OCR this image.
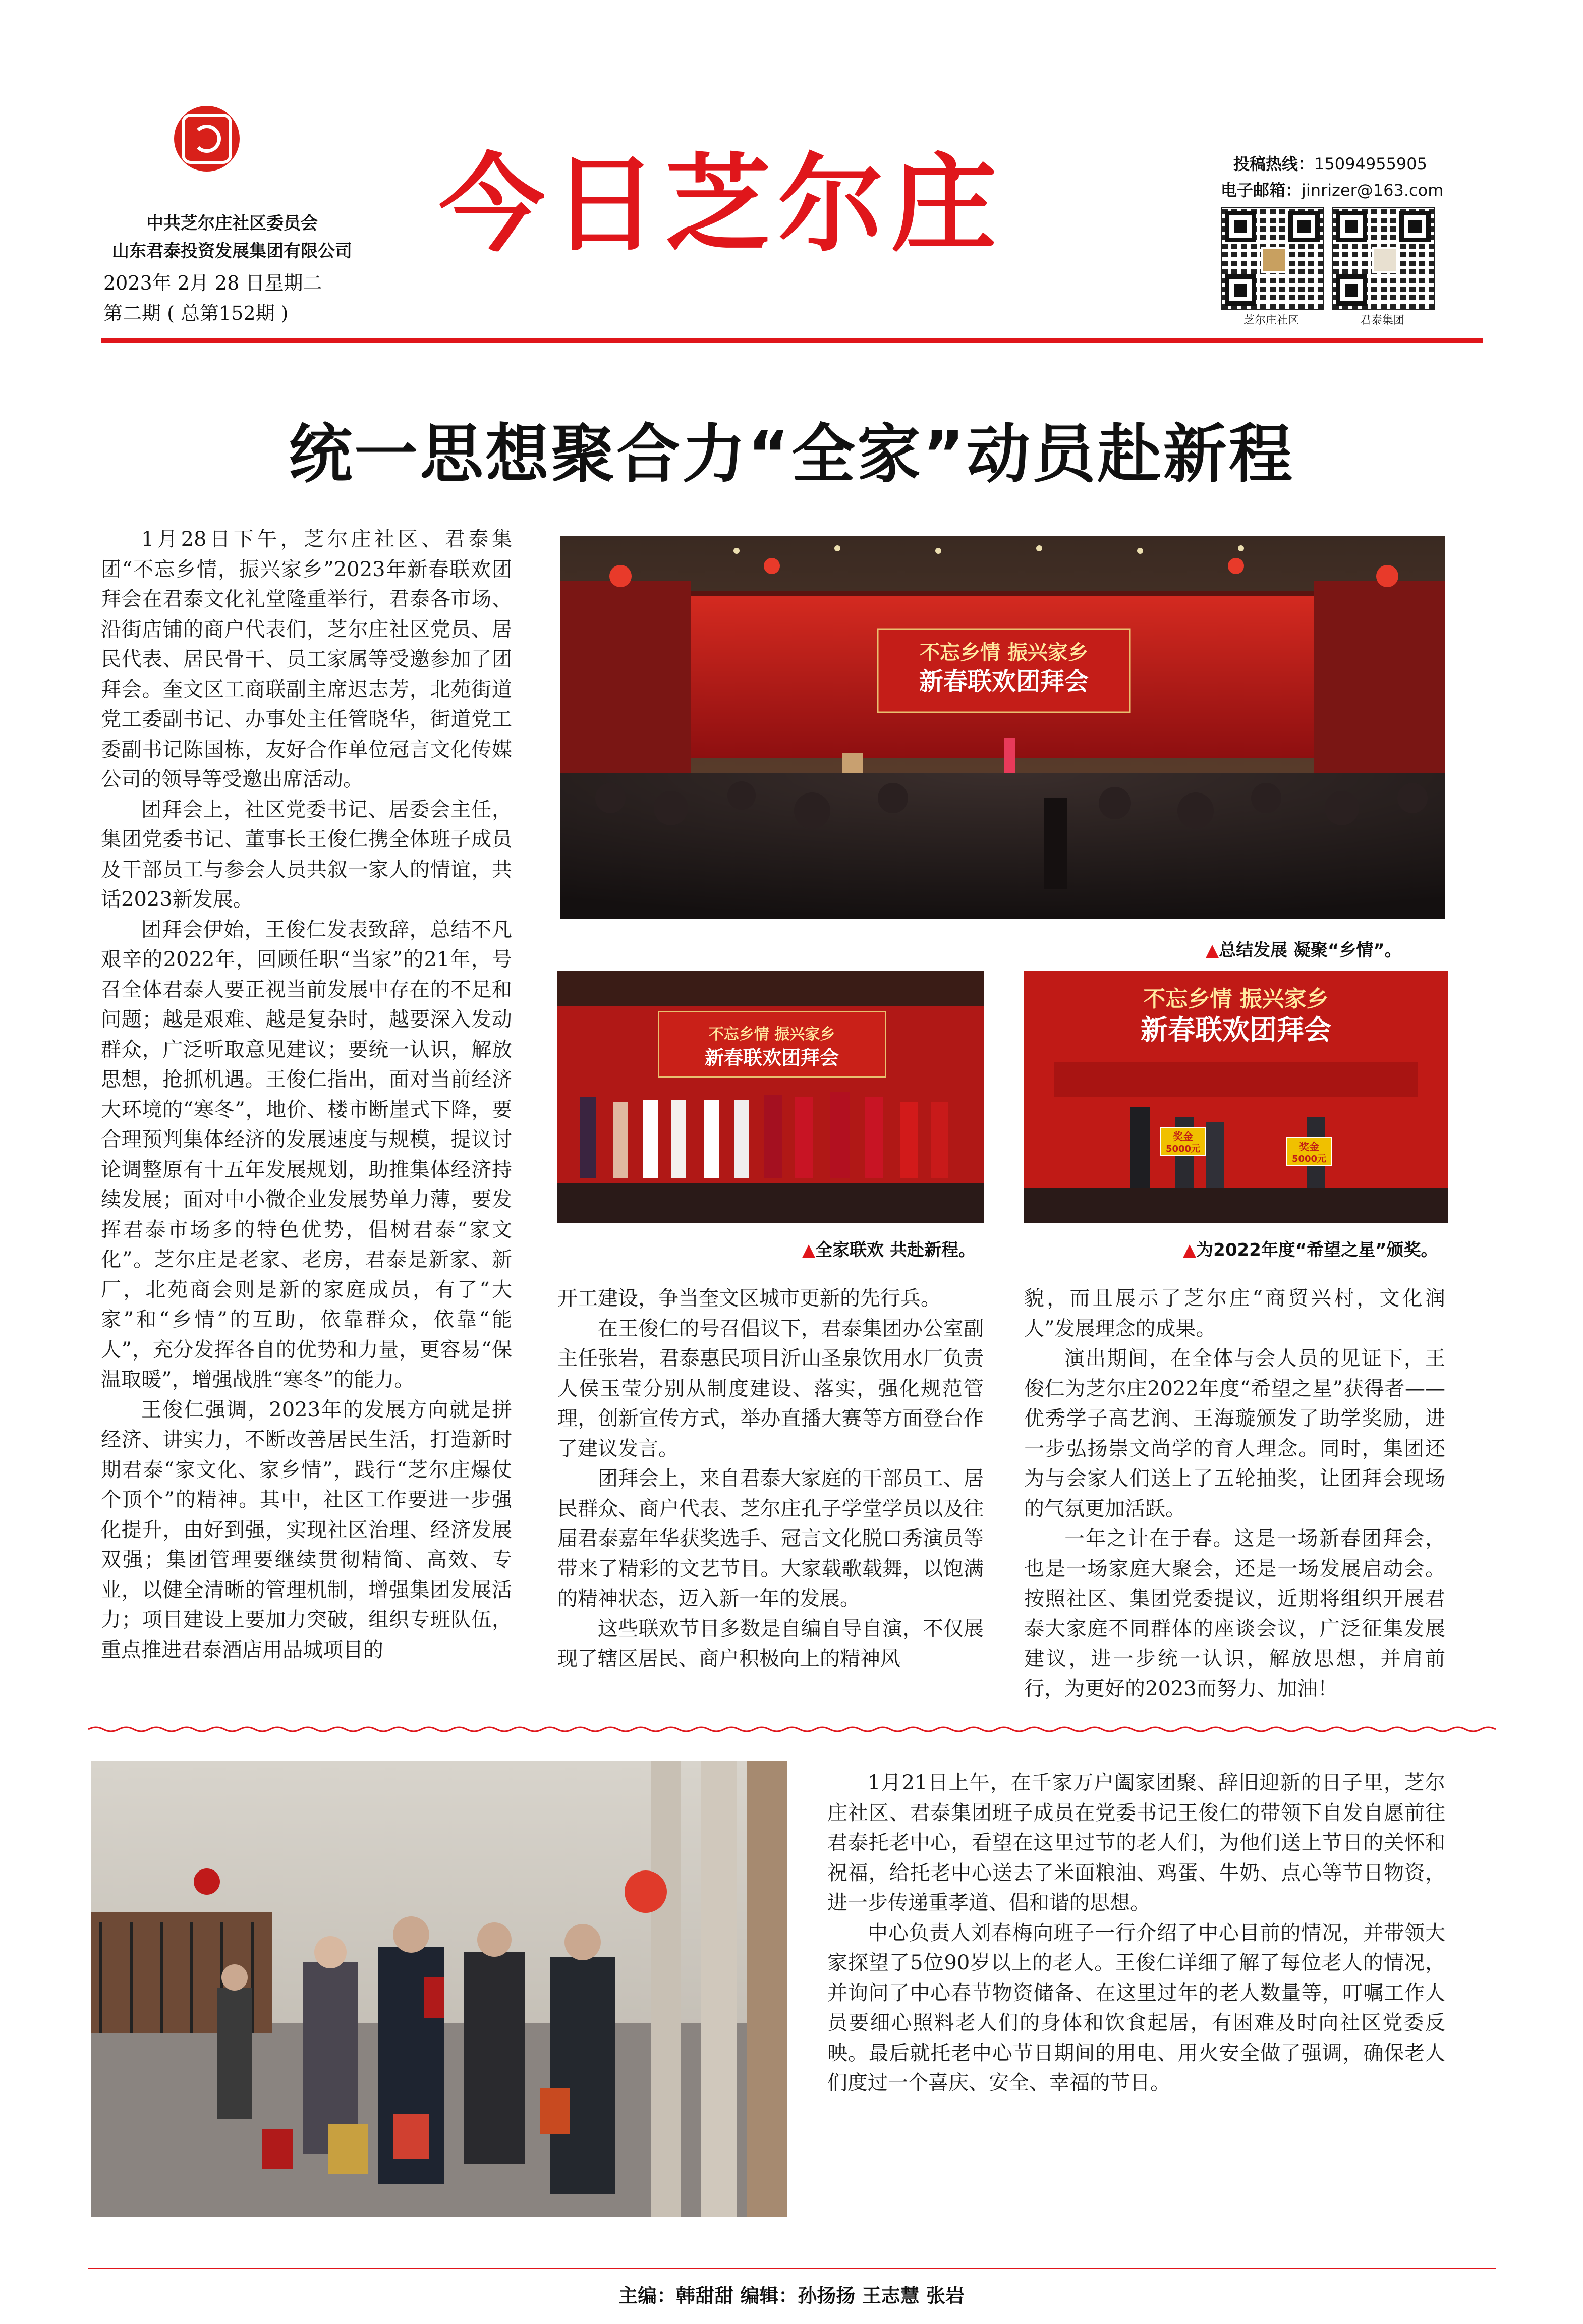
中共芝尔庄社区委员会
山东君泰投资发展集团有限公司
2023年 2月 28 日星期二
第二期 ( 总第152期 )
今日芝尔庄	投稿热线：15094955905
电子邮箱：jinrizer@163.com
芝尔庄社区	君泰集团
统一思想聚合力“全家”动员赴新程

1月28日下午，芝尔庄社区、君泰集团“不忘乡情，振兴家乡”2023年新春联欢团拜会在君泰文化礼堂隆重举行，君泰各市场、沿街店铺的商户代表们，芝尔庄社区党员、居民代表、居民骨干、员工家属等受邀参加了团拜会。奎文区工商联副主席迟志芳，北苑街道党工委副书记、办事处主任管晓华，街道党工委副书记陈国栋，友好合作单位冠言文化传媒公司的领导等受邀出席活动。

团拜会上，社区党委书记、居委会主任，集团党委书记、董事长王俊仁携全体班子成员及干部员工与参会人员共叙一家人的情谊，共话2023新发展。

团拜会伊始，王俊仁发表致辞，总结不凡艰辛的2022年，回顾任职“当家”的21年，号召全体君泰人要正视当前发展中存在的不足和问题；越是艰难、越是复杂时，越要深入发动群众，广泛听取意见建议；要统一认识，解放思想，抢抓机遇。王俊仁指出，面对当前经济大环境的“寒冬”，地价、楼市断崖式下降，要合理预判集体经济的发展速度与规模，提议讨论调整原有十五年发展规划，助推集体经济持续发展；面对中小微企业发展势单力薄，要发挥君泰市场多的特色优势，倡树君泰“家文化”。芝尔庄是老家、老房，君泰是新家、新厂，北苑商会则是新的家庭成员，有了“大家”和“乡情”的互助，依靠群众，依靠“能人”，充分发挥各自的优势和力量，更容易“保温取暖”，增强战胜“寒冬”的能力。

王俊仁强调，2023年的发展方向就是拼经济、讲实力，不断改善居民生活，打造新时期君泰“家文化、家乡情”，践行“芝尔庄爆仗个顶个”的精神。其中，社区工作要进一步强化提升，由好到强，实现社区治理、经济发展双强；集团管理要继续贯彻精简、高效、专业，以健全清晰的管理机制，增强集团发展活力；项目建设上要加力突破，组织专班队伍，重点推进君泰酒店用品城项目的

不忘乡情 振兴家乡
新春联欢团拜会
▲总结发展 凝聚“乡情”。
不忘乡情 振兴家乡
新春联欢团拜会
▲全家联欢 共赴新程。
不忘乡情 振兴家乡
新春联欢团拜会
奖金
5000元	奖金
5000元
▲为2022年度“希望之星”颁奖。

开工建设，争当奎文区城市更新的先行兵。

在王俊仁的号召倡议下，君泰集团办公室副主任张岩，君泰惠民项目沂山圣泉饮用水厂负责人侯玉莹分别从制度建设、落实，强化规范管理，创新宣传方式，举办直播大赛等方面登台作了建议发言。

团拜会上，来自君泰大家庭的干部员工、居民群众、商户代表、芝尔庄孔子学堂学员以及往届君泰嘉年华获奖选手、冠言文化脱口秀演员等带来了精彩的文艺节目。大家载歌载舞，以饱满的精神状态，迈入新一年的发展。

这些联欢节目多数是自编自导自演，不仅展现了辖区居民、商户积极向上的精神风

貌，而且展示了芝尔庄“商贸兴村，文化润人”发展理念的成果。

演出期间，在全体与会人员的见证下，王俊仁为芝尔庄2022年度“希望之星”获得者——优秀学子高艺润、王海璇颁发了助学奖励，进一步弘扬崇文尚学的育人理念。同时，集团还为与会家人们送上了五轮抽奖，让团拜会现场的气氛更加活跃。

一年之计在于春。这是一场新春团拜会，也是一场家庭大聚会，还是一场发展启动会。按照社区、集团党委提议，近期将组织开展君泰大家庭不同群体的座谈会议，广泛征集发展建议，进一步统一认识，解放思想，并肩前行，为更好的2023而努力、加油！

1月21日上午，在千家万户阖家团聚、辞旧迎新的日子里，芝尔庄社区、君泰集团班子成员在党委书记王俊仁的带领下自发自愿前往君泰托老中心，看望在这里过节的老人们，为他们送上节日的关怀和祝福，给托老中心送去了米面粮油、鸡蛋、牛奶、点心等节日物资，进一步传递重孝道、倡和谐的思想。

中心负责人刘春梅向班子一行介绍了中心目前的情况，并带领大家探望了5位90岁以上的老人。王俊仁详细了解了每位老人的情况，并询问了中心春节物资储备、在这里过年的老人数量等，叮嘱工作人员要细心照料老人们的身体和饮食起居，有困难及时向社区党委反映。最后就托老中心节日期间的用电、用火安全做了强调，确保老人们度过一个喜庆、安全、幸福的节日。

主编：韩甜甜 编辑：孙扬扬 王志慧 张岩
